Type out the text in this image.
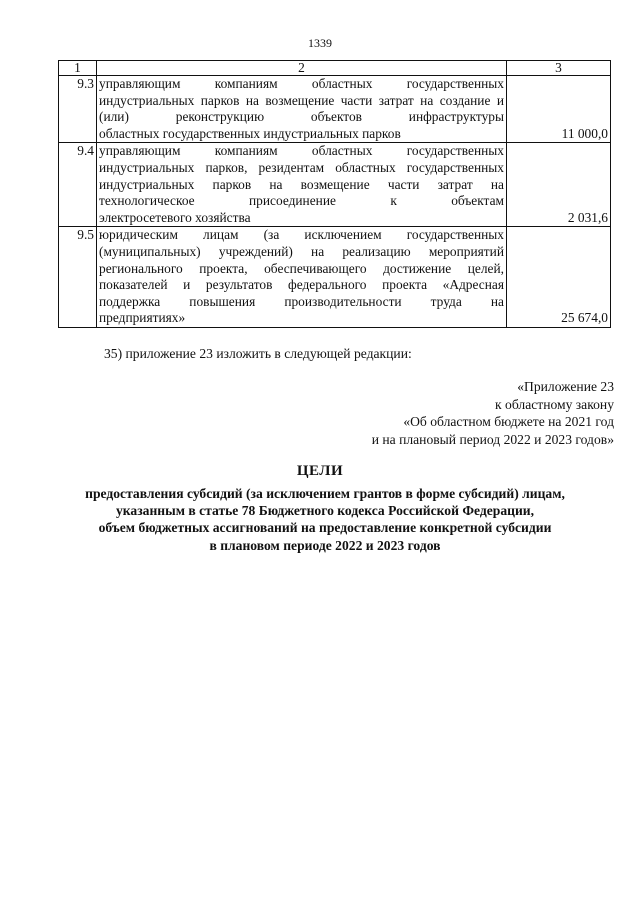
1339
1	2	3
9.3	управляющим компаниям областных государственных индустриальных парков на возмещение части затрат на создание и (или) реконструкцию объектов инфраструктуры
областных государственных индустриальных парков	11 000,0
9.4	управляющим компаниям областных государственных индустриальных парков, резидентам областных государственных индустриальных парков на возмещение части затрат на технологическое присоединение к объектам
электросетевого хозяйства	2 031,6
9.5	юридическим лицам (за исключением государственных (муниципальных) учреждений) на реализацию мероприятий регионального проекта, обеспечивающего достижение целей, показателей и результатов федерального проекта «Адресная поддержка повышения производительности труда на
предприятиях»	25 674,0
35) приложение 23 изложить в следующей редакции:
«Приложение 23
к областному закону
«Об областном бюджете на 2021 год
и на плановый период 2022 и 2023 годов»
ЦЕЛИ
предоставления субсидий (за исключением грантов в форме субсидий) лицам,
указанным в статье 78 Бюджетного кодекса Российской Федерации,
объем бюджетных ассигнований на предоставление конкретной субсидии
в плановом периоде 2022 и 2023 годов
